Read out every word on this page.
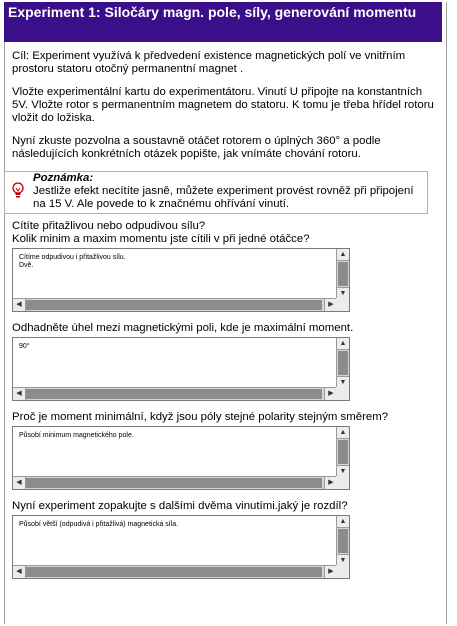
Experiment 1: Siločáry magn. pole, síly, generování momentu

Cíl: Experiment využívá k předvedení existence magnetických polí ve vnitřním prostoru statoru otočný permanentní magnet .

Vložte experimentální kartu do experimentátoru. Vinutí U připojte na konstantních 5V. Vložte rotor s permanentním magnetem do statoru. K tomu je třeba hřídel rotoru vložit do ložiska.

Nyní zkuste pozvolna a soustavně otáčet rotorem o úplných 360° a podle následujících konkrétních otázek popište, jak vnímáte chování rotoru.

Poznámka:
Jestliže efekt necítíte jasně, můžete experiment provést rovněž při připojení na 15 V. Ale povede to k značnému ohřívání vinutí.

Cítíte přitažlivou nebo odpudivou sílu?

Kolik minim a maxim momentu jste cítili v při jedné otáčce?

Cítíme odpudivou i přitažlivou sílu.
Dvě.
▲
▼
◀	▶

Odhadněte úhel mezi magnetickými poli, kde je maximální moment.

90°	▲
▼
◀	▶

Proč je moment minimální, když jsou póly stejné polarity stejným směrem?

Působí minimum magnetického pole.	▲
▼
◀	▶

Nyní experiment zopakujte s dalšími dvěma vinutími.jaký je rozdíl?

Působí větší (odpudivá i přitažlivá) magnetická síla.	▲
▼
◀	▶
